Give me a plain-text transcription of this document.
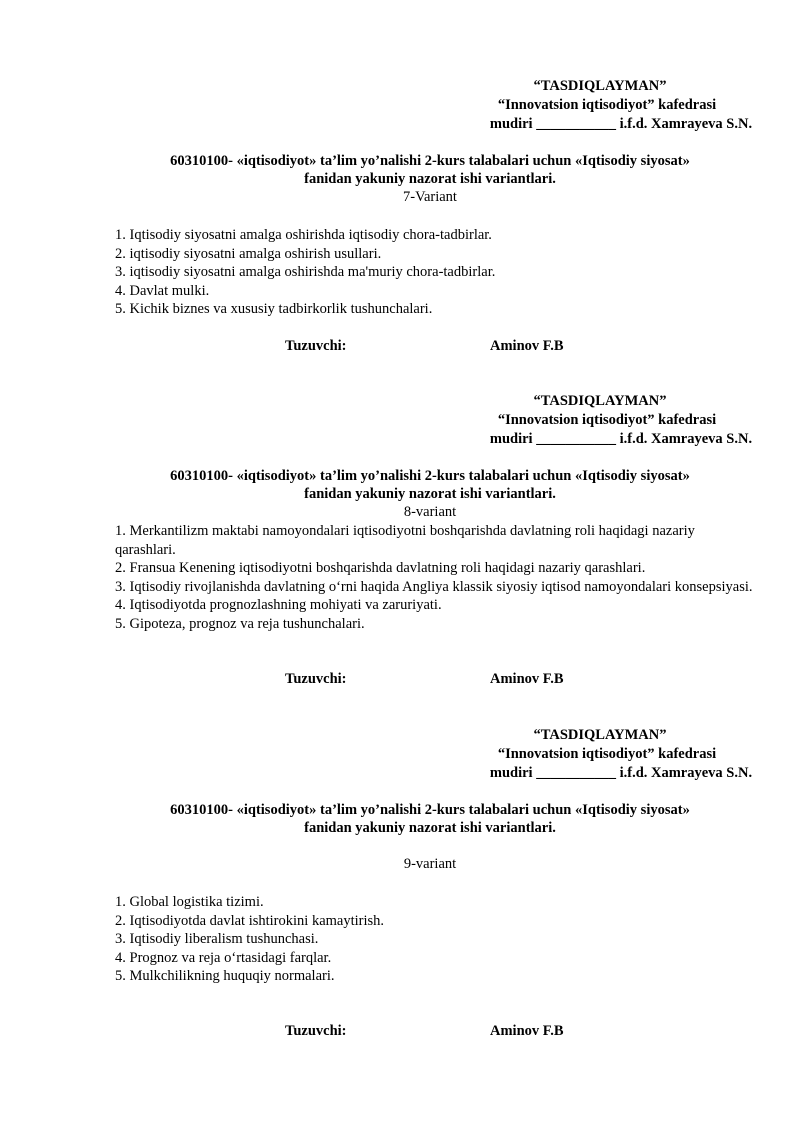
“TASDIQLAYMAN”
“Innovatsion iqtisodiyot” kafedrasi
mudiri ___________ i.f.d. Xamrayeva S.N.
60310100- «iqtisodiyot» ta’lim yo’nalishi 2-kurs talabalari uchun «Iqtisodiy siyosat»
fanidan yakuniy nazorat ishi variantlari.
7-Variant
1. Iqtisodiy siyosatni amalga oshirishda iqtisodiy chora-tadbirlar.
2. iqtisodiy siyosatni amalga oshirish usullari.
3. iqtisodiy siyosatni amalga oshirishda ma'muriy chora-tadbirlar.
4. Davlat mulki.
5. Kichik biznes va xususiy tadbirkorlik tushunchalari.
Tuzuvchi:	Aminov F.B
“TASDIQLAYMAN”
“Innovatsion iqtisodiyot” kafedrasi
mudiri ___________ i.f.d. Xamrayeva S.N.
60310100- «iqtisodiyot» ta’lim yo’nalishi 2-kurs talabalari uchun «Iqtisodiy siyosat»
fanidan yakuniy nazorat ishi variantlari.
8-variant
1. Merkantilizm maktabi namoyondalari iqtisodiyotni boshqarishda davlatning roli haqidagi nazariy qarashlari.
2. Fransua Kenening iqtisodiyotni boshqarishda davlatning roli haqidagi nazariy qarashlari.
3. Iqtisodiy rivojlanishda davlatning o‘rni haqida Angliya klassik siyosiy iqtisod namoyondalari konsepsiyasi.
4. Iqtisodiyotda prognozlashning mohiyati va zaruriyati.
5. Gipoteza, prognoz va reja tushunchalari.
Tuzuvchi:	Aminov F.B
“TASDIQLAYMAN”
“Innovatsion iqtisodiyot” kafedrasi
mudiri ___________ i.f.d. Xamrayeva S.N.
60310100- «iqtisodiyot» ta’lim yo’nalishi 2-kurs talabalari uchun «Iqtisodiy siyosat»
fanidan yakuniy nazorat ishi variantlari.
9-variant
1. Global logistika tizimi.
2. Iqtisodiyotda davlat ishtirokini kamaytirish.
3. Iqtisodiy liberalism tushunchasi.
4. Prognoz va reja o‘rtasidagi farqlar.
5. Mulkchilikning huquqiy normalari.
Tuzuvchi:	Aminov F.B
